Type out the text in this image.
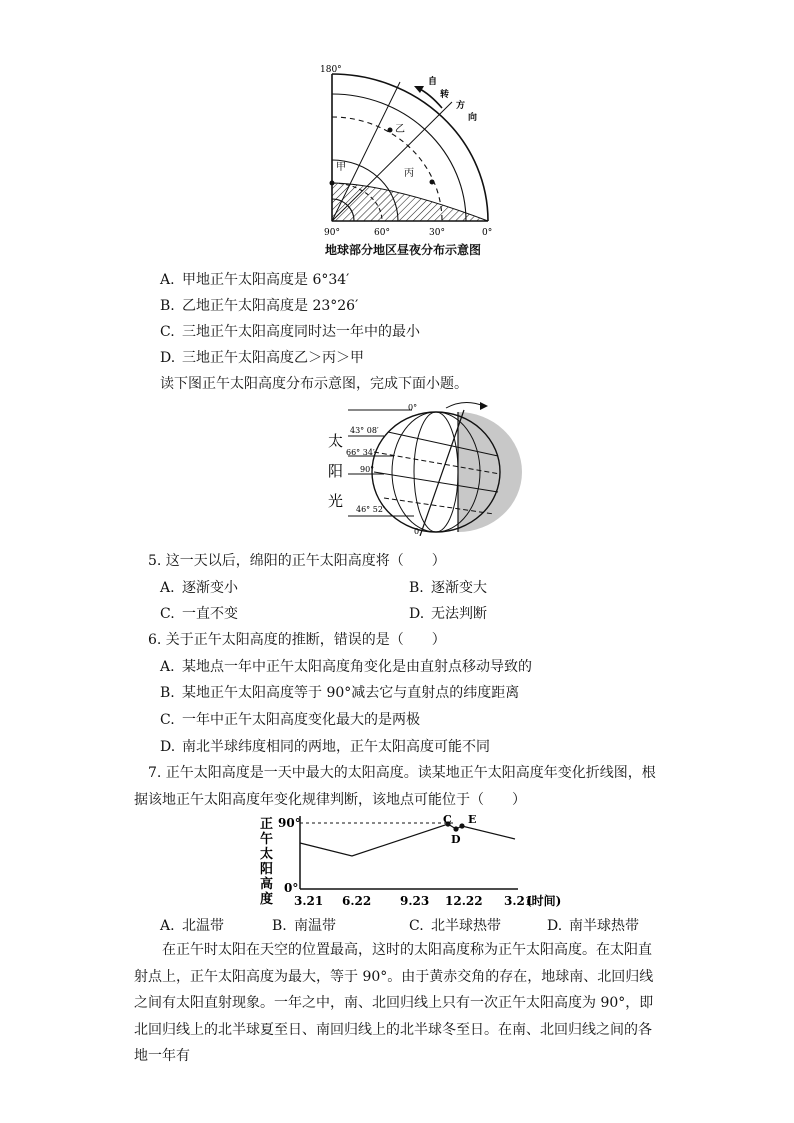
180°
甲
乙
丙
90°	60°	30°	0°
自
转
方
向
地球部分地区昼夜分布示意图
A. 甲地正午太阳高度是 6°34′
B. 乙地正午太阳高度是 23°26′
C. 三地正午太阳高度同时达一年中的最小
D. 三地正午太阳高度乙＞丙＞甲
读下图正午太阳高度分布示意图，完成下面小题。
太
阳
光
0°
43° 08′
66° 34′
90°
46° 52′
0
5. 这一天以后，绵阳的正午太阳高度将（　　）
A. 逐渐变小	B. 逐渐变大
C. 一直不变	D. 无法判断
6. 关于正午太阳高度的推断，错误的是（　　）
A. 某地点一年中正午太阳高度角变化是由直射点移动导致的
B. 某地正午太阳高度等于 90°减去它与直射点的纬度距离
C. 一年中正午太阳高度变化最大的是两极
D. 南北半球纬度相同的两地，正午太阳高度可能不同
7. 正午太阳高度是一天中最大的太阳高度。读某地正午太阳高度年变化折线图，根
据该地正午太阳高度年变化规律判断，该地点可能位于（　　）
正
午
太
阳
高
度
90°
0°
C
D
E
3.21 6.22 9.23 12.22 3.21
(时间)
A. 北温带	B. 南温带	C. 北半球热带	D. 南半球热带
在正午时太阳在天空的位置最高，这时的太阳高度称为正午太阳高度。在太阳直射点上，正午太阳高度为最大，等于 90°。由于黄赤交角的存在，地球南、北回归线之间有太阳直射现象。一年之中，南、北回归线上只有一次正午太阳高度为 90°，即北回归线上的北半球夏至日、南回归线上的北半球冬至日。在南、北回归线之间的各地一年有
